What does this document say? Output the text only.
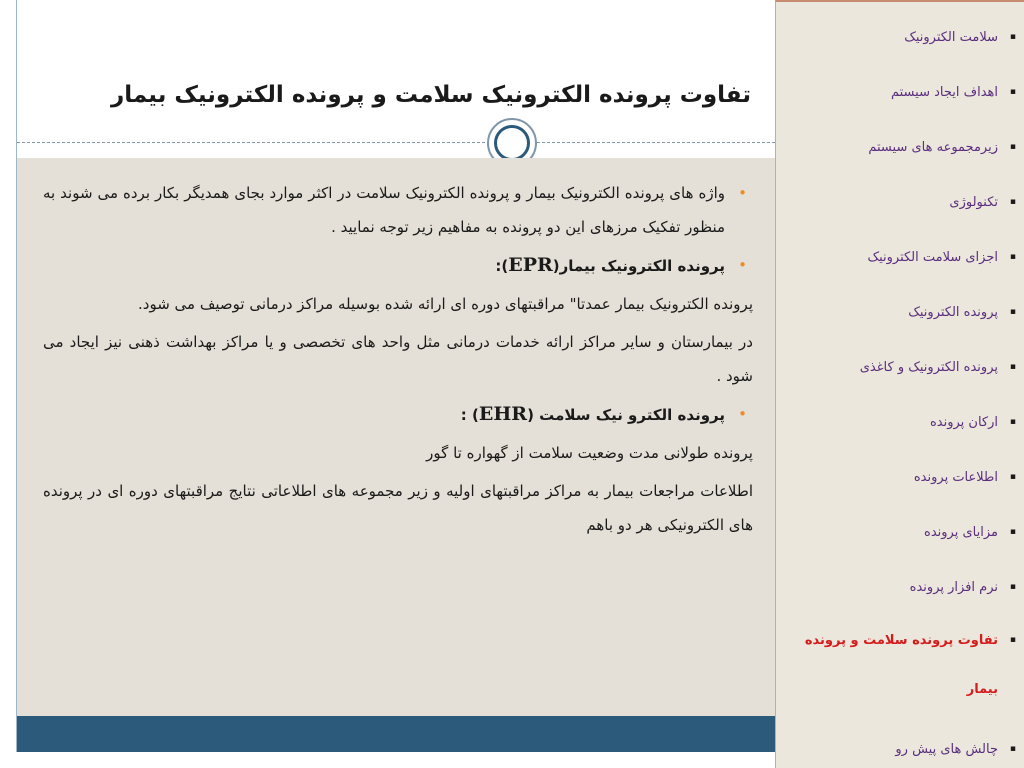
تفاوت پرونده الکترونیک سلامت و پرونده الکترونیک بیمار
•

واژه های پرونده الکترونیک بیمار و پرونده الکترونیک سلامت در اکثر موارد بجای همدیگر بکار برده می شوند به منظور تفکیک مرزهای این دو پرونده به مفاهیم زیر توجه نمایید .

•

پرونده الکترونیک بیمار(EPR):

پرونده الکترونیک بیمار عمدتا" مراقبتهای دوره ای ارائه شده بوسیله مراکز درمانی توصیف می شود.

در بیمارستان و سایر مراکز ارائه خدمات درمانی مثل واحد های تخصصی و یا مراکز بهداشت ذهنی نیز ایجاد می شود .

•

پرونده الکترو نیک سلامت (EHR) :

پرونده طولانی مدت وضعیت سلامت از گهواره تا گور

اطلاعات مراجعات بیمار به مراکز مراقبتهای اولیه و زیر مجموعه های اطلاعاتی نتایج مراقبتهای دوره ای در پرونده های الکترونیکی هر دو باهم

▪
سلامت الکترونیک
▪
اهداف ایجاد سیستم
▪
زیرمجموعه های سیستم
▪
تکنولوژی
▪
اجزای سلامت الکترونیک
▪
پرونده الکترونیک
▪
پرونده الکترونیک و کاغذی
▪
ارکان پرونده
▪
اطلاعات پرونده
▪
مزایای پرونده
▪
نرم افزار پرونده
▪
تفاوت پرونده سلامت و پرونده
بیمار
▪
چالش های پیش رو
